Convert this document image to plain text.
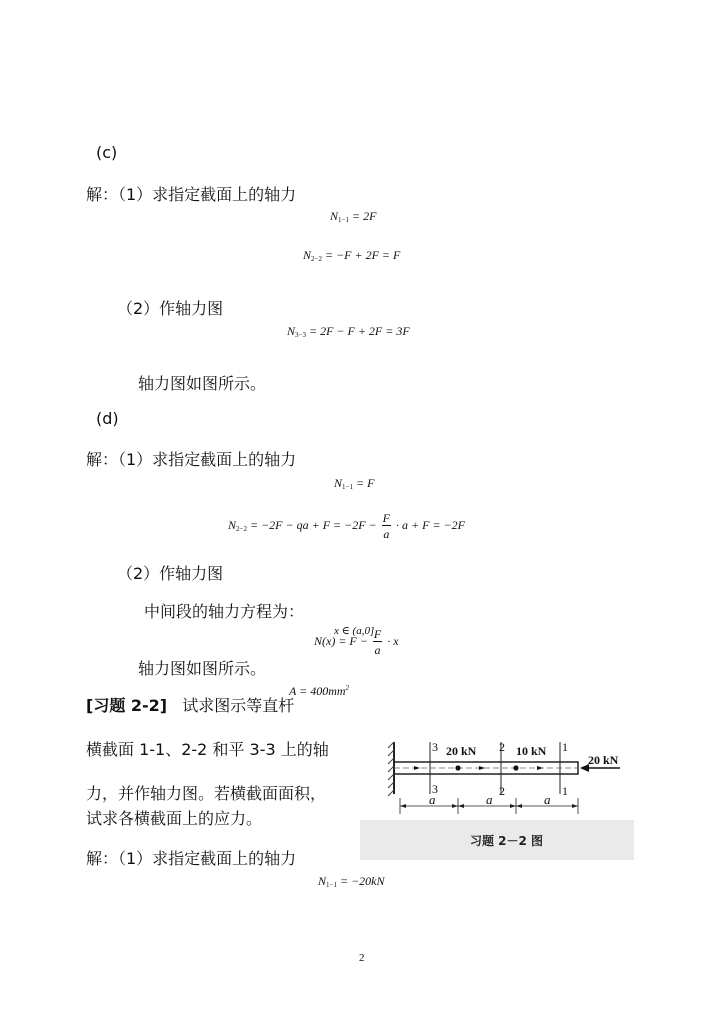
(c)
解：（1）求指定截面上的轴力
$N_{1-1} = 2F$
$N_{2-2} = -F + 2F = F$
（2）作轴力图
$N_{3-3} = 2F - F + 2F = 3F$
轴力图如图所示。
(d)
解：（1）求指定截面上的轴力
$N_{1-1} = F$
$N_{2-2} = -2F$ − qa + $F = -2F - \frac{F}{a} \cdot a + F = -2F$
（2）作轴力图
中间段的轴力方程为：
x ∈ (a,0]
$N(x) = F - \frac{F}{a} \cdot x$
轴力图如图所示。
[习题 2-2] 试求图示等直杆
$A = 400mm^2$
横截面 1-1、2-2 和平 3-3 上的轴
力，并作轴力图。若横截面面积，
试求各横截面上的应力。
解：（1）求指定截面上的轴力
$N_{1-1} = -20kN$
3
3
20 kN 2
2
10 kN 1
1
20 kN
a	a	a
习题 2－2 图
2
